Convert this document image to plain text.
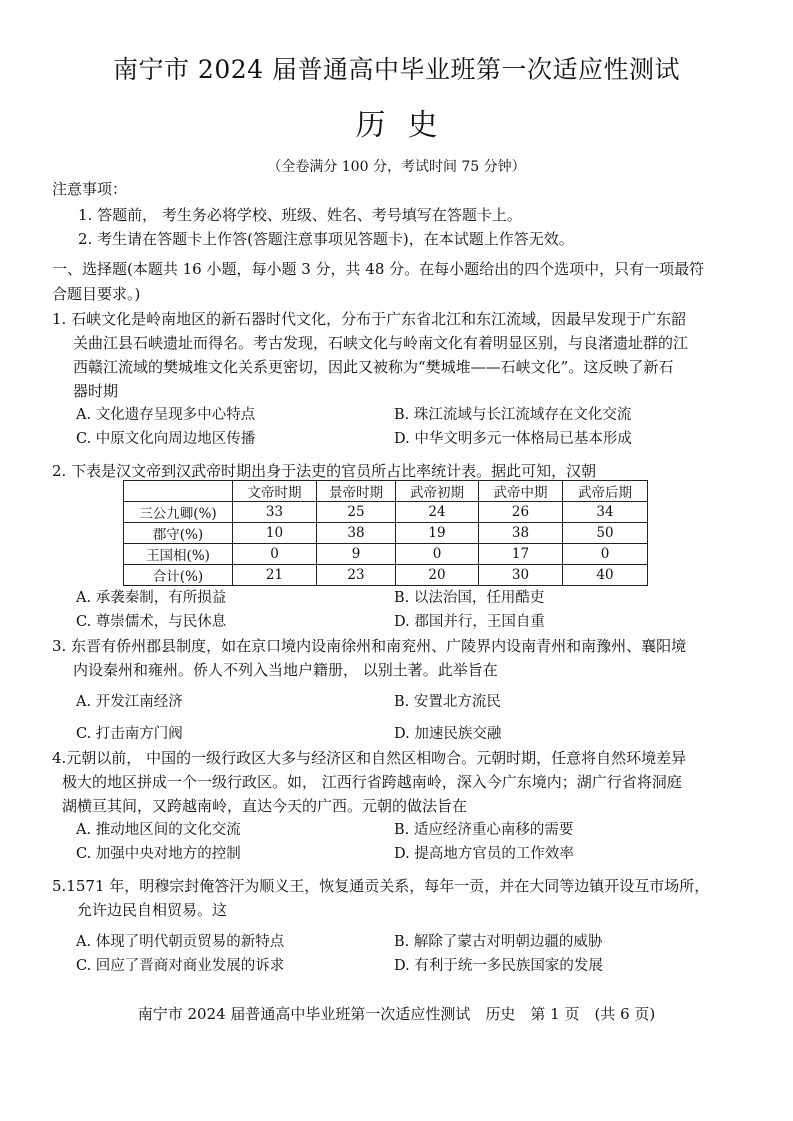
南宁市 2024 届普通高中毕业班第一次适应性测试
历史
（全卷满分 100 分，考试时间 75 分钟）
注意事项：
1. 答题前， 考生务必将学校、班级、姓名、考号填写在答题卡上。
2. 考生请在答题卡上作答(答题注意事项见答题卡)，在本试题上作答无效。
一、选择题(本题共 16 小题，每小题 3 分，共 48 分。在每小题给出的四个选项中，只有一项最符
合题目要求。)
1. 石峡文化是岭南地区的新石器时代文化，分布于广东省北江和东江流域，因最早发现于广东韶
关曲江县石峡遗址而得名。考古发现，石峡文化与岭南文化有着明显区别，与良渚遗址群的江
西赣江流域的樊城堆文化关系更密切，因此又被称为“樊城堆——石峡文化”。这反映了新石
器时期
A. 文化遗存呈现多中心特点	B. 珠江流域与长江流域存在文化交流
C. 中原文化向周边地区传播	D. 中华文明多元一体格局已基本形成
2. 下表是汉文帝到汉武帝时期出身于法吏的官员所占比率统计表。据此可知，汉朝
	文帝时期	景帝时期	武帝初期	武帝中期	武帝后期
三公九卿(%)	33	25	24	26	34
郡守(%)	10	38	19	38	50
王国相(%)	0	9	0	17	0
合计(%)	21	23	20	30	40
A. 承袭秦制，有所损益	B. 以法治国，任用酷吏
C. 尊崇儒术，与民休息	D. 郡国并行，王国自重
3. 东晋有侨州郡县制度，如在京口境内设南徐州和南兖州、广陵界内设南青州和南豫州、襄阳境
内设秦州和雍州。侨人不列入当地户籍册， 以别土著。此举旨在
A. 开发江南经济	B. 安置北方流民
C. 打击南方门阀	D. 加速民族交融
4.元朝以前， 中国的一级行政区大多与经济区和自然区相吻合。元朝时期，任意将自然环境差异
极大的地区拼成一个一级行政区。如， 江西行省跨越南岭，深入今广东境内；湖广行省将洞庭
湖横亘其间，又跨越南岭，直达今天的广西。元朝的做法旨在
A. 推动地区间的文化交流	B. 适应经济重心南移的需要
C. 加强中央对地方的控制	D. 提高地方官员的工作效率
5.1571 年，明穆宗封俺答汗为顺义王，恢复通贡关系，每年一贡，并在大同等边镇开设互市场所，
允许边民自相贸易。这
A. 体现了明代朝贡贸易的新特点	B. 解除了蒙古对明朝边疆的威胁
C. 回应了晋商对商业发展的诉求	D. 有利于统一多民族国家的发展
南宁市 2024 届普通高中毕业班第一次适应性测试　历史　第 1 页　(共 6 页)
